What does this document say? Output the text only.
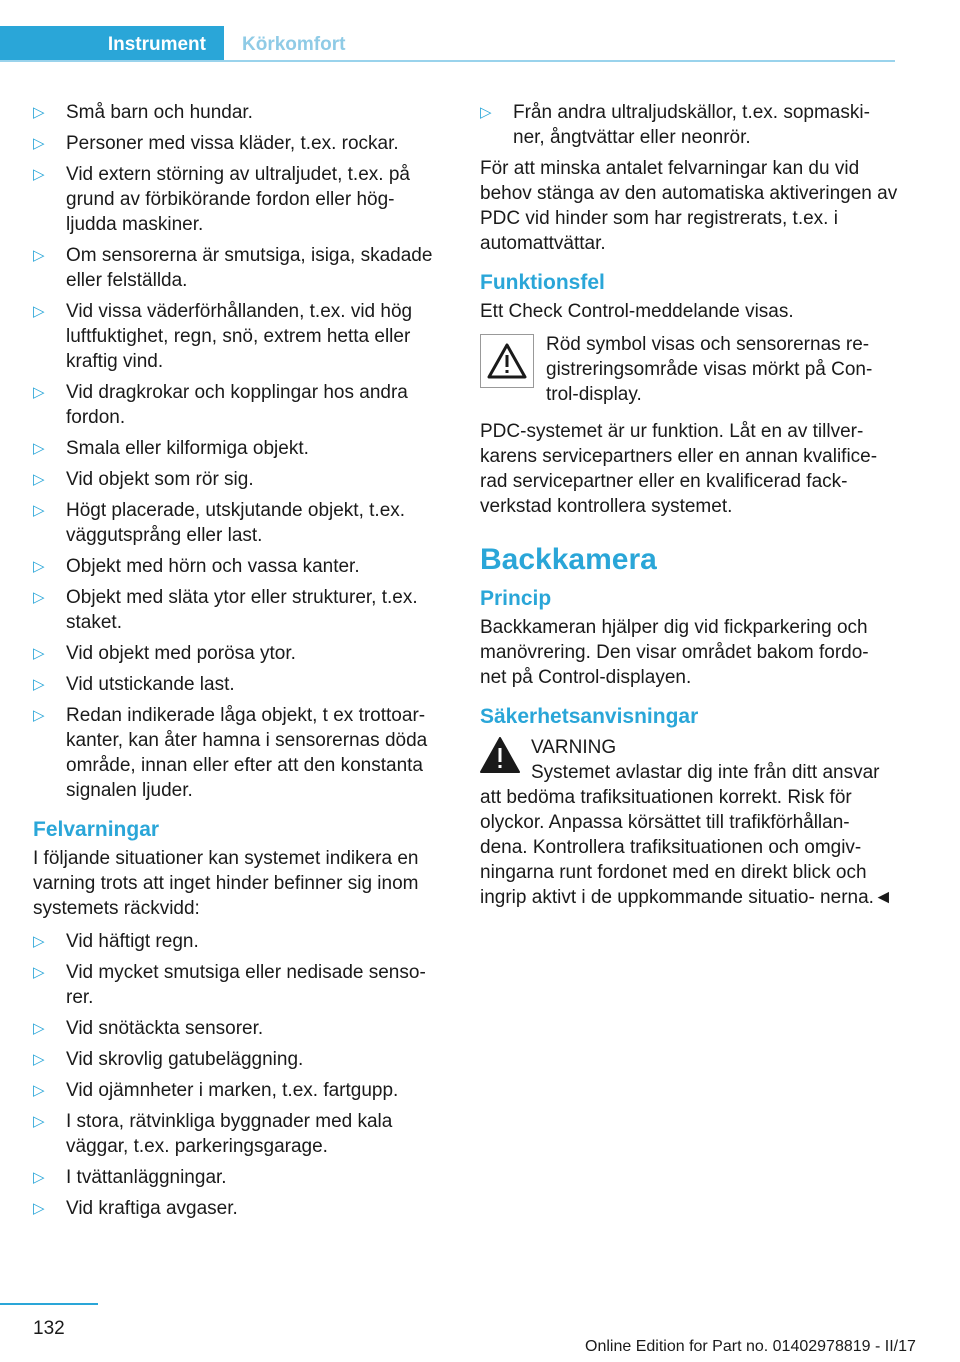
Instrument Körkomfort
▷ Små barn och hundar.
▷ Personer med vissa kläder, t.ex. rockar.
▷ Vid extern störning av ultraljudet, t.ex. på grund av förbikörande fordon eller hög‐ ljudda maskiner.
▷ Om sensorerna är smutsiga, isiga, skadade eller felställda.
▷ Vid vissa väderförhållanden, t.ex. vid hög luftfuktighet, regn, snö, extrem hetta eller kraftig vind.
▷ Vid dragkrokar och kopplingar hos andra fordon.
▷ Smala eller kilformiga objekt.
▷ Vid objekt som rör sig.
▷ Högt placerade, utskjutande objekt, t.ex. väggutsprång eller last.
▷ Objekt med hörn och vassa kanter.
▷ Objekt med släta ytor eller strukturer, t.ex. staket.
▷ Vid objekt med porösa ytor.
▷ Vid utstickande last.
▷ Redan indikerade låga objekt, t ex trottoar‐ kanter, kan åter hamna i sensorernas döda område, innan eller efter att den konstanta signalen ljuder.
Felvarningar

I följande situationer kan systemet indikera en varning trots att inget hinder befinner sig inom systemets räckvidd:

▷ Vid häftigt regn.
▷ Vid mycket smutsiga eller nedisade senso‐ rer.
▷ Vid snötäckta sensorer.
▷ Vid skrovlig gatubeläggning.
▷ Vid ojämnheter i marken, t.ex. fartgupp.
▷ I stora, rätvinkliga byggnader med kala väggar, t.ex. parkeringsgarage.
▷ I tvättanläggningar.
▷ Vid kraftiga avgaser.
▷ Från andra ultraljudskällor, t.ex. sopmaski‐ ner, ångtvättar eller neonrör.

För att minska antalet felvarningar kan du vid behov stänga av den automatiska aktiveringen av PDC vid hinder som har registrerats, t.ex. i automattvättar.

Funktionsfel

Ett Check Control-meddelande visas.

Röd symbol visas och sensorernas re‐ gistreringsområde visas mörkt på Con‐ trol-display.

PDC-systemet är ur funktion. Låt en av tillver‐ karens servicepartners eller en annan kvalifice‐ rad servicepartner eller en kvalificerad fack‐ verkstad kontrollera systemet.

Backkamera
Princip

Backkameran hjälper dig vid fickparkering och manövrering. Den visar området bakom fordo‐ net på Control-displayen.

Säkerhetsanvisningar
VARNING
Systemet avlastar dig inte från ditt ansvar
att bedöma trafiksituationen korrekt. Risk för olyckor. Anpassa körsättet till trafikförhållan‐ dena. Kontrollera trafiksituationen och omgiv‐ ningarna runt fordonet med en direkt blick och ingrip aktivt i de uppkommande situatio‐ nerna.◄
132
Online Edition for Part no. 01402978819 - II/17
